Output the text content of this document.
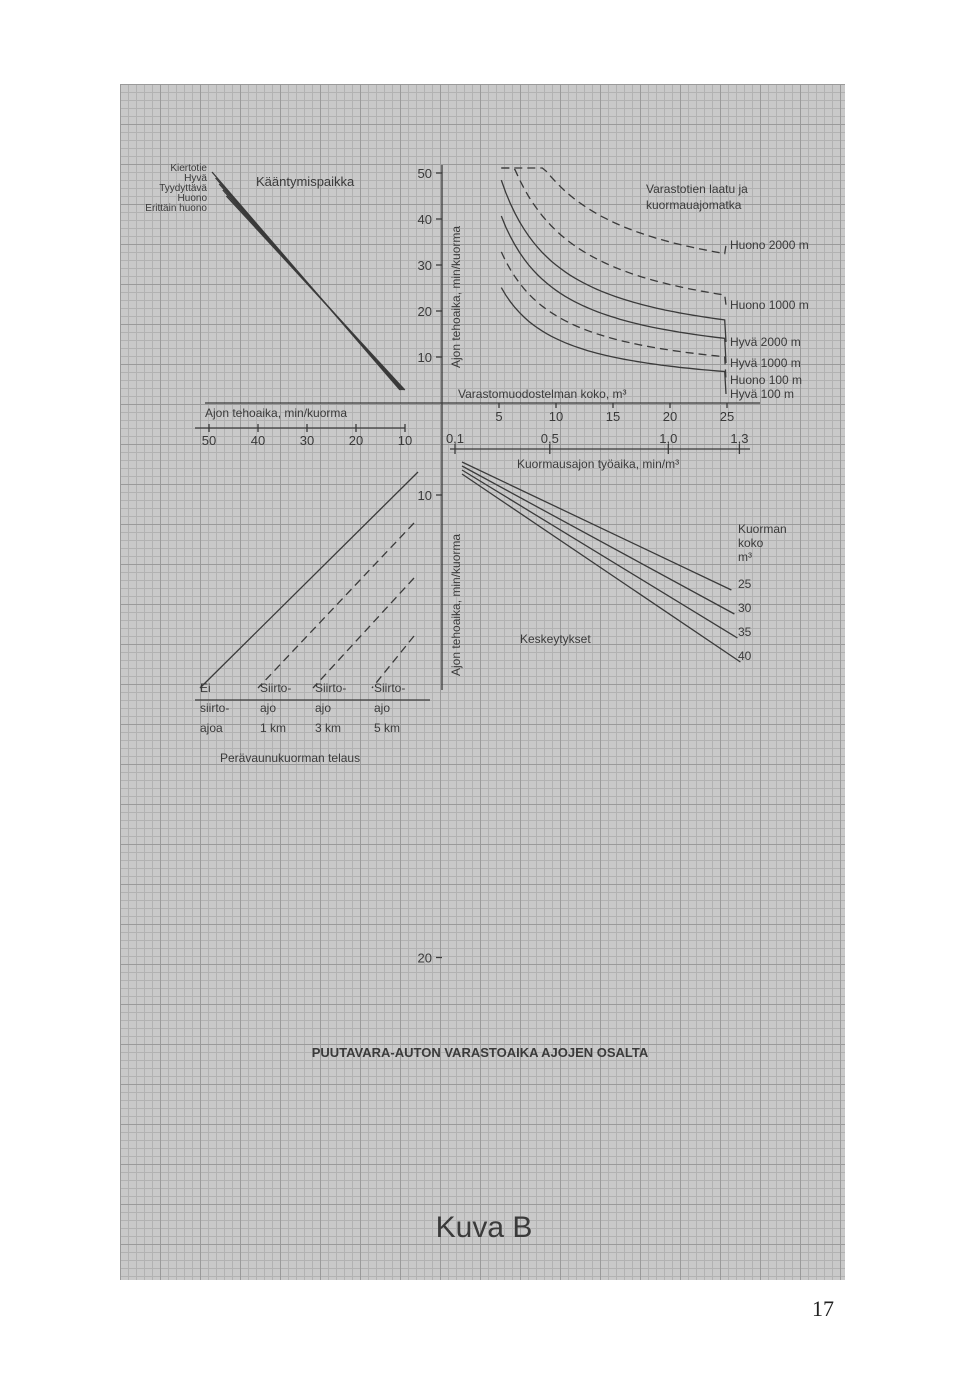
50
40
30
20
10 Ajon tehoaika, min/kuorma
5	10	15	20	25
Varastomuodostelman koko, m³
Huono 2000 m
Huono 1000 m
Hyvä 2000 m
Hyvä 1000 m
Huono 100 m
Hyvä 100 m
Varastotien laatu ja
kuormauajomatka
Kääntymispaikka
Kiertotie
Hyvä
Tyydyttävä
Huono
Erittäin huono
Ajon tehoaika, min/kuorma
50	40	30	20	10	0,1	0,5	1,0	1,3
Kuormausajon työaika, min/m³
10
20
Ajon tehoaika, min/kuorma	25
30
35
40
Kuorman
koko
m³
Keskeytykset
Ei
siirto-
ajoa
Siirto-
ajo
1 km
Siirto-
ajo
3 km
Siirto-
ajo
5 km
Perävaunukuorman telaus
PUUTAVARA-AUTON VARASTOAIKA AJOJEN OSALTA
Kuva B
17
